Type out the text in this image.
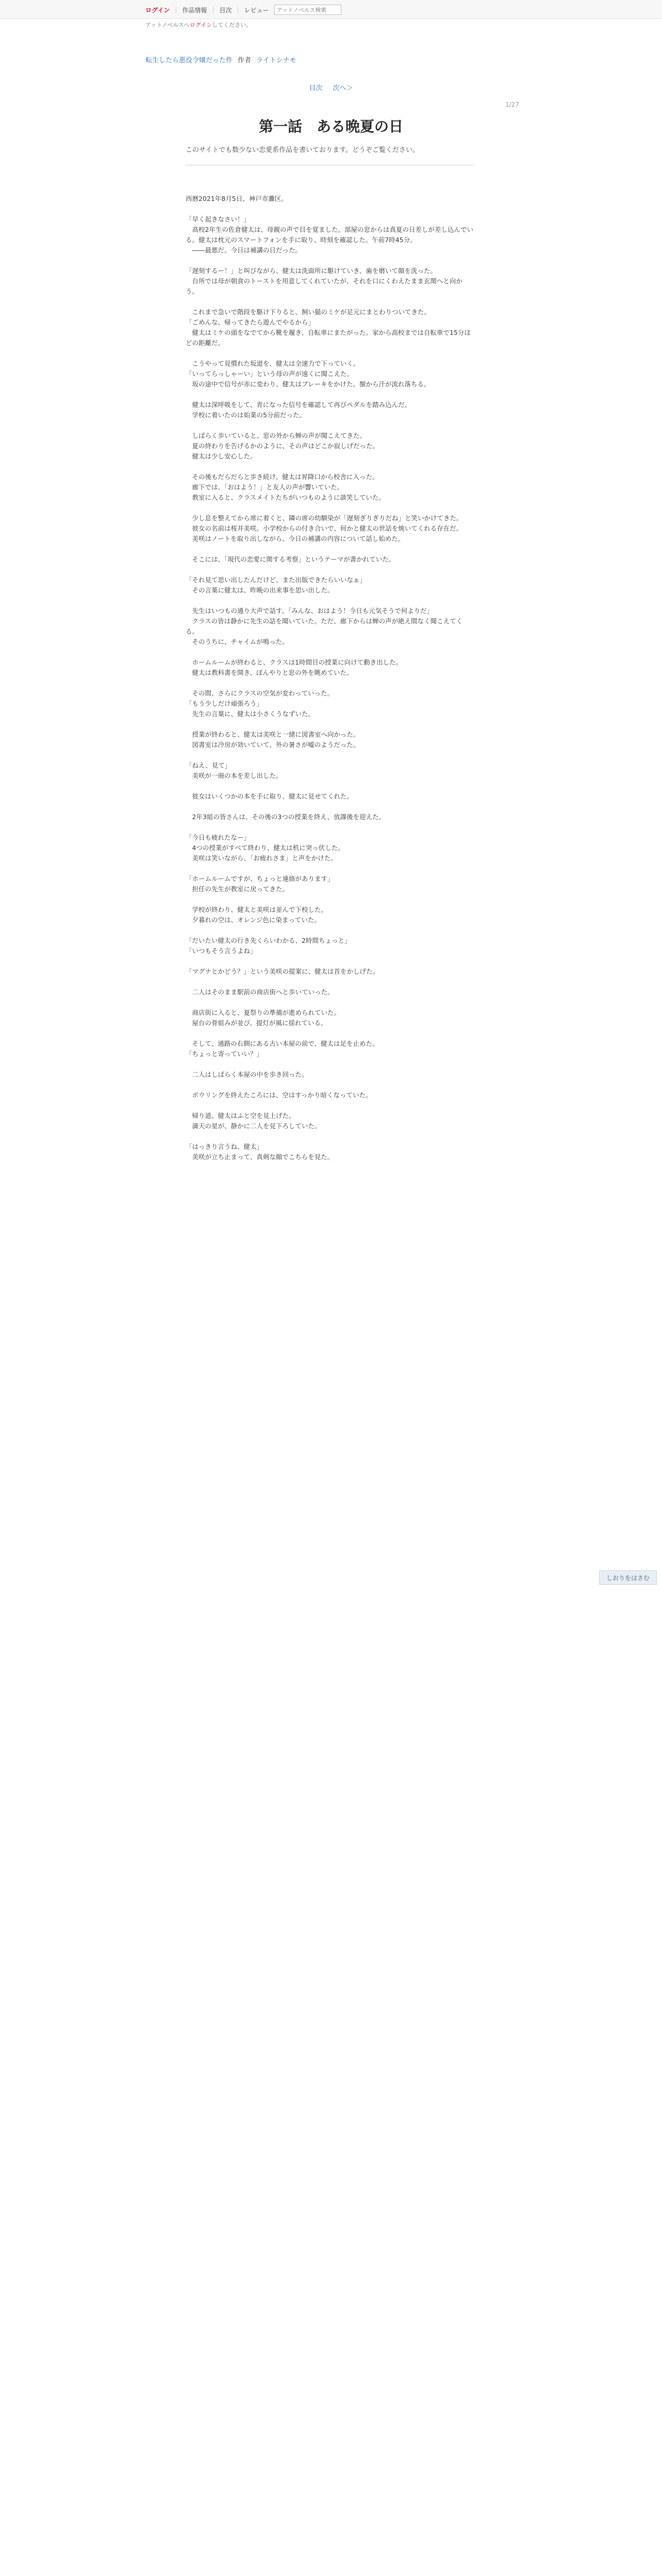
ログイン | 作品情報 | 目次 | レビュー
アットノベルス検索
アットノベルスへログインしてください。
転生したら悪役令嬢だった件 作者 ライトシナモ
目次 次へ＞
1/27
第一話　ある晩夏の日
このサイトでも数少ない恋愛系作品を書いております。どうぞご覧ください。

西暦2021年8月5日、神戸市灘区。

「早く起きなさい！」

　高校2年生の佐倉健太は、母親の声で目を覚ました。部屋の窓からは真夏の日差しが差し込んでいる。健太は枕元のスマートフォンを手に取り、時刻を確認した。午前7時45分。

　――最悪だ。今日は補講の日だった。

「遅刻するー！」と叫びながら、健太は洗面所に駆けていき、歯を磨いて顔を洗った。

　台所では母が朝食のトーストを用意してくれていたが、それを口にくわえたまま玄関へと向かう。

　これまで急いで階段を駆け下りると、飼い猫のミケが足元にまとわりついてきた。

「ごめんな、帰ってきたら遊んでやるから」

　健太はミケの頭をなでてから靴を履き、自転車にまたがった。家から高校までは自転車で15分ほどの距離だ。

　こうやって見慣れた坂道を、健太は全速力で下っていく。

「いってらっしゃーい」という母の声が遠くに聞こえた。

　坂の途中で信号が赤に変わり、健太はブレーキをかけた。額から汗が流れ落ちる。

　健太は深呼吸をして、青になった信号を確認して再びペダルを踏み込んだ。

　学校に着いたのは始業の5分前だった。

　しばらく歩いていると、窓の外から蝉の声が聞こえてきた。

　夏の終わりを告げるかのように、その声はどこか寂しげだった。

　健太は少し安心した。

　その後もだらだらと歩き続け、健太は昇降口から校舎に入った。

　廊下では、「おはよう！」と友人の声が響いていた。

　教室に入ると、クラスメイトたちがいつものように談笑していた。

　少し息を整えてから席に着くと、隣の席の幼馴染が「遅刻ぎりぎりだね」と笑いかけてきた。

　彼女の名前は桜井美咲。小学校からの付き合いで、何かと健太の世話を焼いてくれる存在だ。

　美咲はノートを取り出しながら、今日の補講の内容について話し始めた。

　そこには、「現代の恋愛に関する考察」というテーマが書かれていた。

「それ見て思い出したんだけど、また出版できたらいいなぁ」

　その言葉に健太は、昨晩の出来事を思い出した。

　先生はいつもの通り大声で話す。「みんな、おはよう！今日も元気そうで何よりだ」

　クラスの皆は静かに先生の話を聞いていた。ただ、廊下からは蝉の声が絶え間なく聞こえてくる。

　そのうちに、チャイムが鳴った。

　ホームルームが終わると、クラスは1時間目の授業に向けて動き出した。

　健太は教科書を開き、ぼんやりと窓の外を眺めていた。

　その間、さらにクラスの空気が変わっていった。

「もう少しだけ頑張ろう」

　先生の言葉に、健太は小さくうなずいた。

　授業が終わると、健太は美咲と一緒に図書室へ向かった。

　図書室は冷房が効いていて、外の暑さが嘘のようだった。

「ねえ、見て」

　美咲が一冊の本を差し出した。

　彼女はいくつかの本を手に取り、健太に見せてくれた。

　2年3組の皆さんは、その後の3つの授業を終え、放課後を迎えた。

「今日も疲れたなー」

　4つの授業がすべて終わり、健太は机に突っ伏した。

　美咲は笑いながら、「お疲れさま」と声をかけた。

「ホームルームですが、ちょっと連絡があります」

　担任の先生が教室に戻ってきた。

　学校が終わり、健太と美咲は並んで下校した。

　夕暮れの空は、オレンジ色に染まっていた。

「だいたい健太の行き先くらいわかる、2時間ちょっと」

「いつもそう言うよね」

「マグナとかどう？」という美咲の提案に、健太は首をかしげた。

　二人はそのまま駅前の商店街へと歩いていった。

　商店街に入ると、夏祭りの準備が進められていた。

　屋台の骨組みが並び、提灯が風に揺れている。

　そして、通路の右側にある古い本屋の前で、健太は足を止めた。

「ちょっと寄っていい？」

　二人はしばらく本屋の中を歩き回った。

　ボウリングを終えたころには、空はすっかり暗くなっていた。

　帰り道、健太はふと空を見上げた。

　満天の星が、静かに二人を見下ろしていた。

「はっきり言うね、健太」

　美咲が立ち止まって、真剣な顔でこちらを見た。

しおりをはさむ
